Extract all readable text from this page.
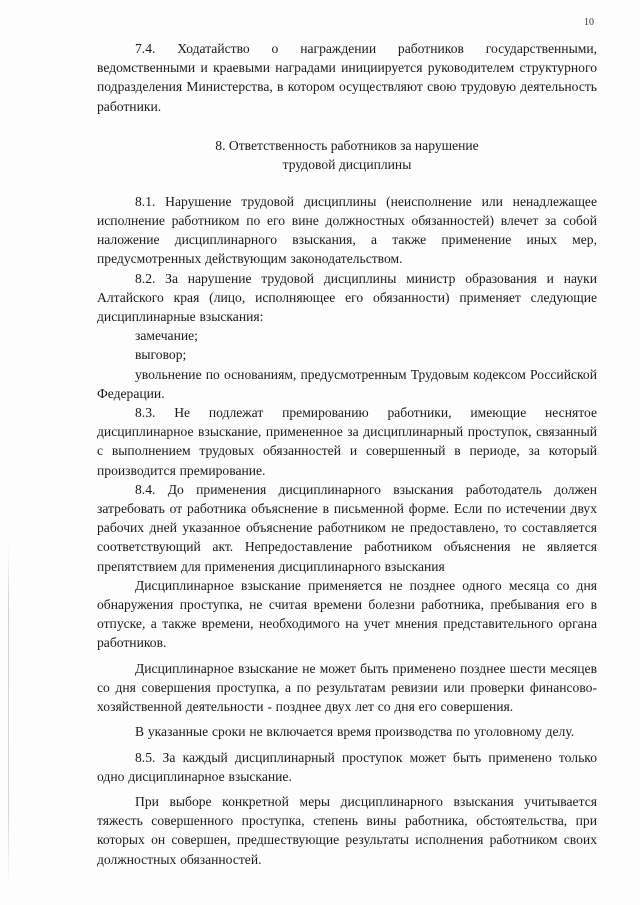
10

7.4. Ходатайство о награждении работников государственными, ведомственными и краевыми наградами инициируется руководителем структурного подразделения Министерства, в котором осуществляют свою трудовую деятельность работники.

8. Ответственность работников за нарушение
трудовой дисциплины

8.1. Нарушение трудовой дисциплины (неисполнение или ненадлежащее исполнение работником по его вине должностных обязанностей) влечет за собой наложение дисциплинарного взыскания, а также применение иных мер, предусмотренных действующим законодательством.

8.2. За нарушение трудовой дисциплины министр образования и науки Алтайского края (лицо, исполняющее его обязанности) применяет следующие дисциплинарные взыскания:

замечание;

выговор;

увольнение по основаниям, предусмотренным Трудовым кодексом Российской Федерации.

8.3. Не подлежат премированию работники, имеющие неснятое дисциплинарное взыскание, примененное за дисциплинарный проступок, связанный с выполнением трудовых обязанностей и совершенный в периоде, за который производится премирование.

8.4. До применения дисциплинарного взыскания работодатель должен затребовать от работника объяснение в письменной форме. Если по истечении двух рабочих дней указанное объяснение работником не предоставлено, то составляется соответствующий акт. Непредоставление работником объяснения не является препятствием для применения дисциплинарного взыскания

Дисциплинарное взыскание применяется не позднее одного месяца со дня обнаружения проступка, не считая времени болезни работника, пребывания его в отпуске, а также времени, необходимого на учет мнения представительного органа работников.

Дисциплинарное взыскание не может быть применено позднее шести месяцев со дня совершения проступка, а по результатам ревизии или проверки финансово-хозяйственной деятельности - позднее двух лет со дня его совершения.

В указанные сроки не включается время производства по уголовному делу.

8.5. За каждый дисциплинарный проступок может быть применено только одно дисциплинарное взыскание.

При выборе конкретной меры дисциплинарного взыскания учитывается тяжесть совершенного проступка, степень вины работника, обстоятельства, при которых он совершен, предшествующие результаты исполнения работником своих должностных обязанностей.
